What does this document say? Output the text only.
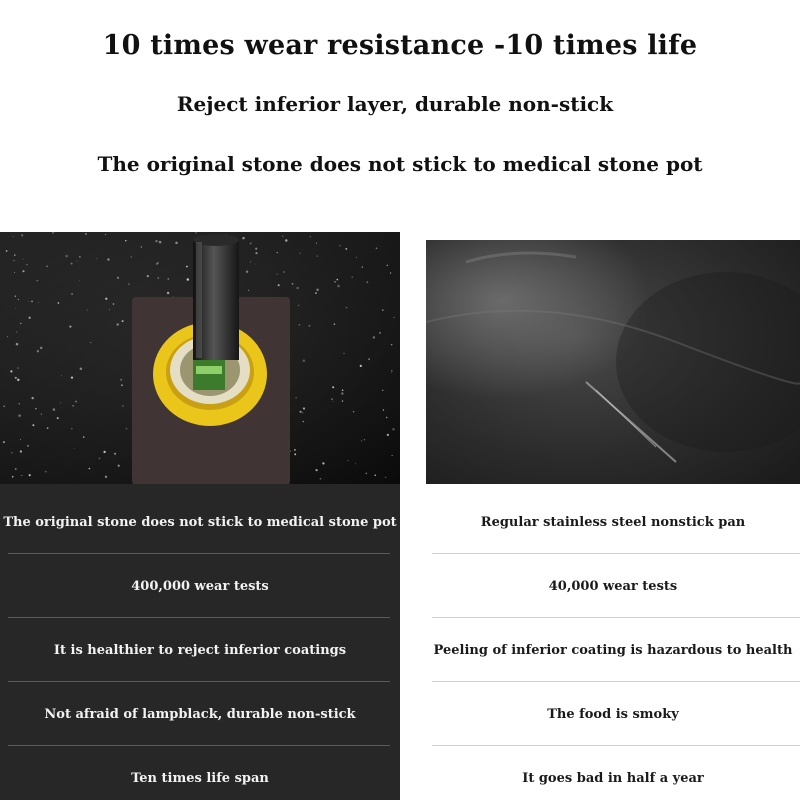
10 times wear resistance -10 times life
Reject inferior layer, durable non-stick
The original stone does not stick to medical stone pot
The original stone does not stick to medical stone pot
400,000 wear tests
It is healthier to reject inferior coatings
Not afraid of lampblack, durable non-stick
Ten times life span
Regular stainless steel nonstick pan
40,000 wear tests
Peeling of inferior coating is hazardous to health
The food is smoky
It goes bad in half a year
